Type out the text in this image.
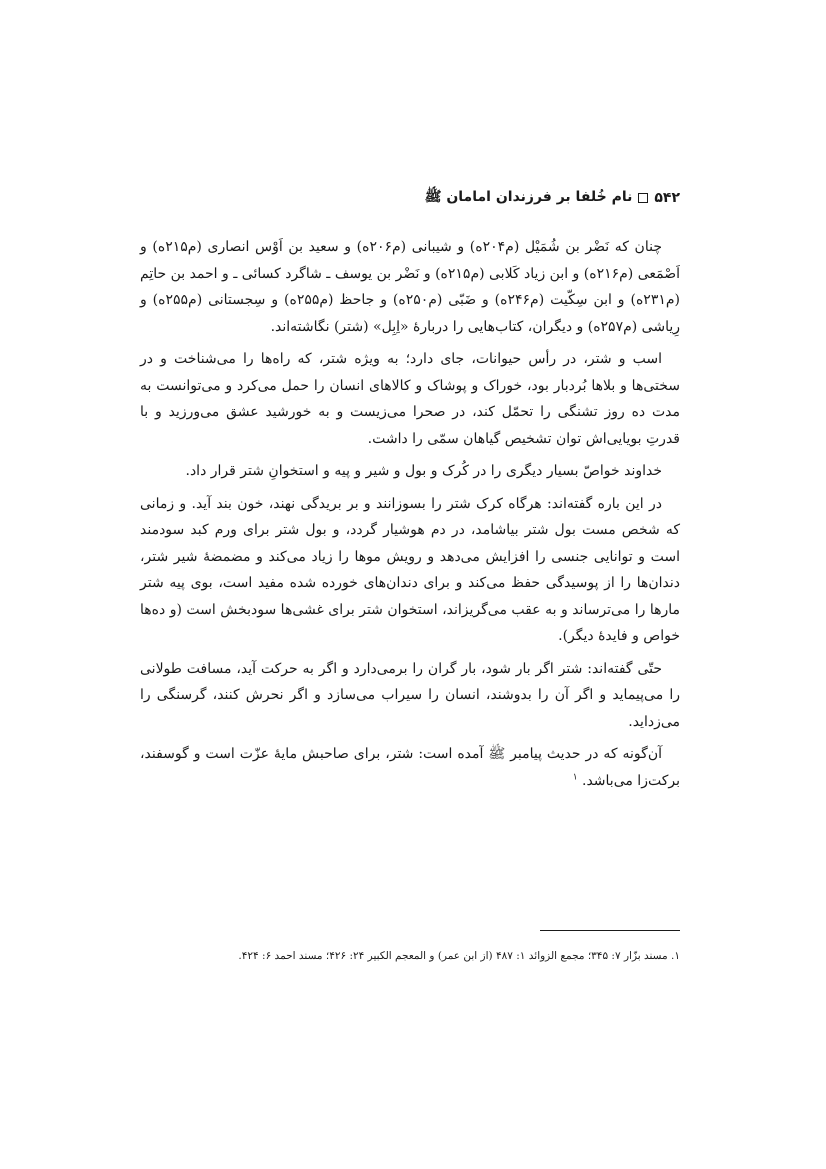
۵۴۲
نام‌ خُلفا بر فرزندان امامان ﷺ

چنان که نَضْر بن شُمَیْل (م۲۰۴ه) و شیبانی (م۲۰۶ه) و سعید بن اَوْس انصاری (م۲۱۵ه) و اَصْمَعی (م۲۱۶ه) و ابن زیاد کَلابی (م۲۱۵ه) و نَضْر بن یوسف ـ شاگرد کسائی ـ و احمد بن حاتِم (م۲۳۱ه) و ابن سِکّیت (م۲۴۶ه) و ضَبّی (م۲۵۰ه) و جاحظ (م۲۵۵ه) و سِجستانی (م۲۵۵ه) و رِیاشی (م۲۵۷ه) و دیگران، کتاب‌هایی را دربارهٔ «اِبِل» (شتر) نگاشته‌اند.

اسب و شتر، در رأس حیوانات، جای دارد؛ به ویژه شتر، که راه‌ها را می‌شناخت و در سختی‌ها و بلاها بُردبار بود، خوراک و پوشاک و کالاهای انسان را حمل می‌کرد و می‌توانست به مدت ده روز تشنگی را تحمّل کند، در صحرا می‌زیست و به خورشید عشق می‌ورزید و با قدرتِ بویایی‌اش توان تشخیص گیاهان سمّی را داشت.

خداوند خواصّ بسیار دیگری را در کُرک و بول و شیر و پیه و استخوانِ شتر قرار داد.

در این باره گفته‌اند: هرگاه کرک شتر را بسوزانند و بر بریدگی نهند، خون بند آید. و زمانی که شخص مست بول شتر بیاشامد، در دم هوشیار گردد، و بول شتر برای ورم کبد سودمند است و توانایی جنسی را افزایش می‌دهد و رویش موها را زیاد می‌کند و مضمضهٔ شیر شتر، دندان‌ها را از پوسیدگی حفظ می‌کند و برای دندان‌های خورده شده مفید است، بوی پیه شتر مارها را می‌ترساند و به عقب می‌گریزاند، استخوان شتر برای غشی‌ها سودبخش است (و ده‌ها خواص و فایدهٔ دیگر).

حتّی گفته‌اند: شتر اگر بار شود، بار گران را برمی‌دارد و اگر به حرکت آید، مسافت طولانی را می‌پیماید و اگر آن را بدوشند، انسان را سیراب می‌سازد و اگر نحرش کنند، گرسنگی را می‌زداید.

آن‌گونه که در حدیث پیامبر ﷺ آمده است: شتر، برای صاحبش مایهٔ عزّت است و گوسفند، برکت‌زا می‌باشد. $^۱$

۱. مسند بزّار ۷: ۳۴۵؛ مجمع الزوائد ۱: ۴۸۷ (از ابن عمر) و المعجم الکبیر ۲۴: ۴۲۶؛ مسند احمد ۶: ۴۲۴.
